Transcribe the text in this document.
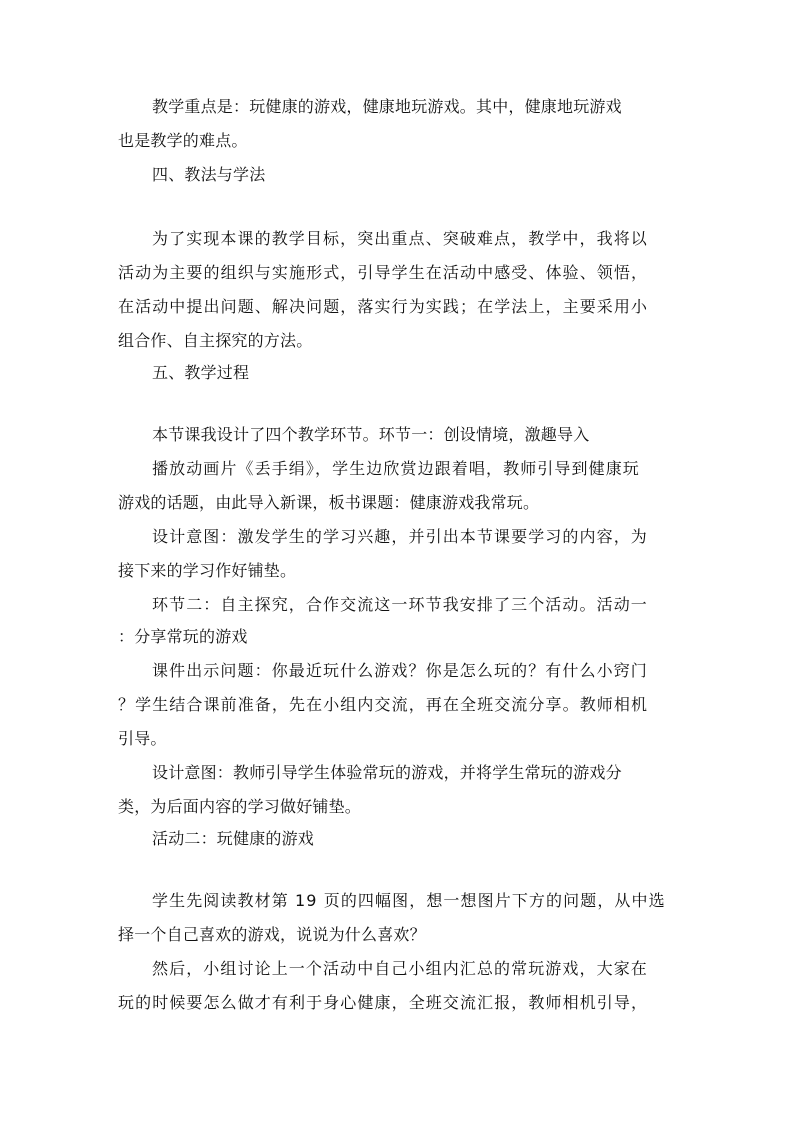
教学重点是：玩健康的游戏，健康地玩游戏。其中，健康地玩游戏
也是教学的难点。
四、教法与学法
为了实现本课的教学目标，突出重点、突破难点，教学中，我将以
活动为主要的组织与实施形式，引导学生在活动中感受、体验、领悟，
在活动中提出问题、解决问题，落实行为实践；在学法上，主要采用小
组合作、自主探究的方法。
五、教学过程
本节课我设计了四个教学环节。环节一：创设情境，激趣导入
播放动画片《丢手绢》，学生边欣赏边跟着唱，教师引导到健康玩
游戏的话题，由此导入新课，板书课题：健康游戏我常玩。
设计意图：激发学生的学习兴趣，并引出本节课要学习的内容，为
接下来的学习作好铺垫。
环节二：自主探究，合作交流这一环节我安排了三个活动。活动一
：分享常玩的游戏
课件出示问题：你最近玩什么游戏？你是怎么玩的？有什么小窍门
？学生结合课前准备，先在小组内交流，再在全班交流分享。教师相机
引导。
设计意图：教师引导学生体验常玩的游戏，并将学生常玩的游戏分
类，为后面内容的学习做好铺垫。
活动二：玩健康的游戏
学生先阅读教材第 19 页的四幅图，想一想图片下方的问题，从中选
择一个自己喜欢的游戏，说说为什么喜欢？
然后，小组讨论上一个活动中自己小组内汇总的常玩游戏，大家在
玩的时候要怎么做才有利于身心健康，全班交流汇报，教师相机引导，
